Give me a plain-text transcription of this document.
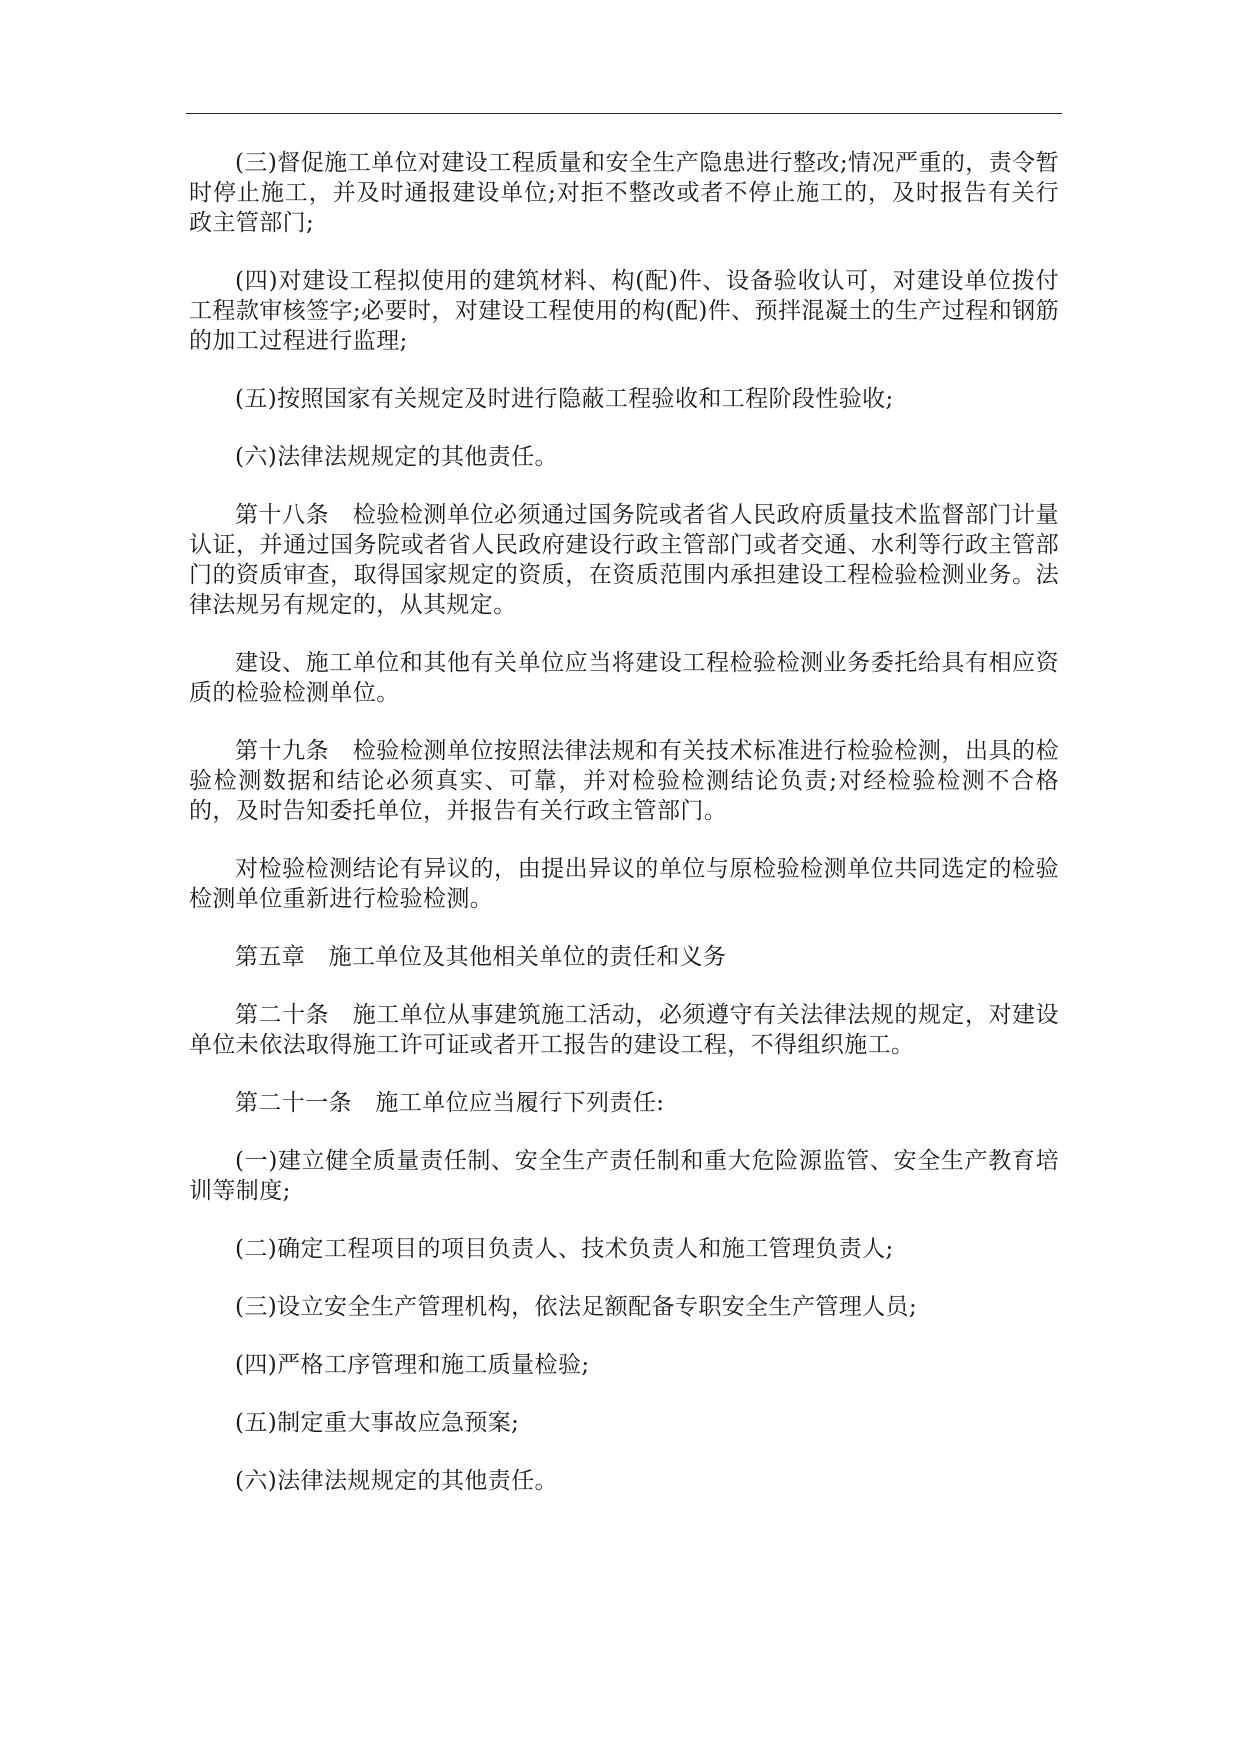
(三)督促施工单位对建设工程质量和安全生产隐患进行整改;情况严重的，责令暂时停止施工，并及时通报建设单位;对拒不整改或者不停止施工的，及时报告有关行政主管部门;

(四)对建设工程拟使用的建筑材料、构(配)件、设备验收认可，对建设单位拨付工程款审核签字;必要时，对建设工程使用的构(配)件、预拌混凝土的生产过程和钢筋的加工过程进行监理;

(五)按照国家有关规定及时进行隐蔽工程验收和工程阶段性验收;

(六)法律法规规定的其他责任。

第十八条　检验检测单位必须通过国务院或者省人民政府质量技术监督部门计量认证，并通过国务院或者省人民政府建设行政主管部门或者交通、水利等行政主管部门的资质审查，取得国家规定的资质，在资质范围内承担建设工程检验检测业务。法律法规另有规定的，从其规定。

建设、施工单位和其他有关单位应当将建设工程检验检测业务委托给具有相应资质的检验检测单位。

第十九条　检验检测单位按照法律法规和有关技术标准进行检验检测，出具的检验检测数据和结论必须真实、可靠，并对检验检测结论负责;对经检验检测不合格的，及时告知委托单位，并报告有关行政主管部门。

对检验检测结论有异议的，由提出异议的单位与原检验检测单位共同选定的检验检测单位重新进行检验检测。

第五章　施工单位及其他相关单位的责任和义务

第二十条　施工单位从事建筑施工活动，必须遵守有关法律法规的规定，对建设单位未依法取得施工许可证或者开工报告的建设工程，不得组织施工。

第二十一条　施工单位应当履行下列责任:

(一)建立健全质量责任制、安全生产责任制和重大危险源监管、安全生产教育培训等制度;

(二)确定工程项目的项目负责人、技术负责人和施工管理负责人;

(三)设立安全生产管理机构，依法足额配备专职安全生产管理人员;

(四)严格工序管理和施工质量检验;

(五)制定重大事故应急预案;

(六)法律法规规定的其他责任。
